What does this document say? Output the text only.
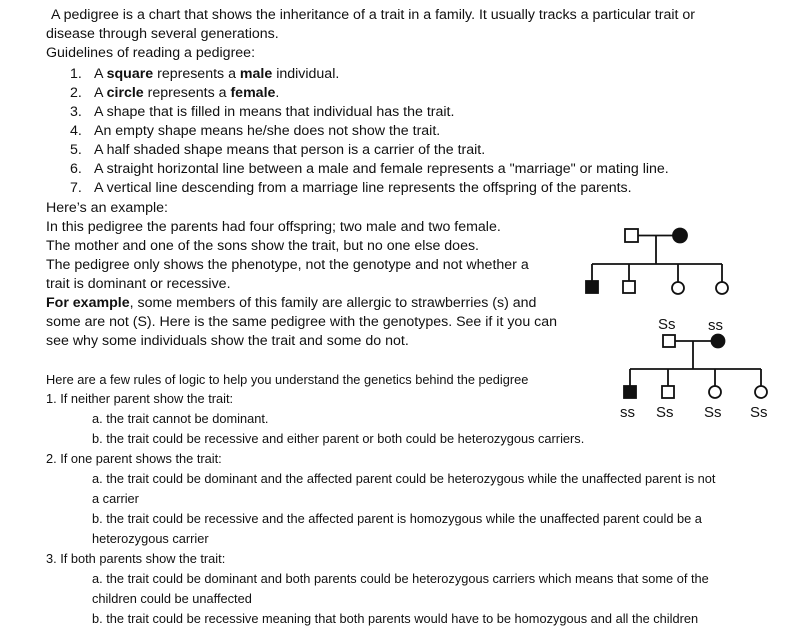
A pedigree is a chart that shows the inheritance of a trait in a family. It usually tracks a particular trait or
disease through several generations.
Guidelines of reading a pedigree:
1. A square represents a male individual.
2. A circle represents a female.
3. A shape that is filled in means that individual has the trait.
4. An empty shape means he/she does not show the trait.
5. A half shaded shape means that person is a carrier of the trait.
6. A straight horizontal line between a male and female represents a "marriage" or mating line.
7. A vertical line descending from a marriage line represents the offspring of the parents.
Here’s an example:
In this pedigree the parents had four offspring; two male and two female.
The mother and one of the sons show the trait, but no one else does.
The pedigree only shows the phenotype, not the genotype and not whether a
trait is dominant or recessive.
For example, some members of this family are allergic to strawberries (s) and
some are not (S). Here is the same pedigree with the genotypes. See if it you can
see why some individuals show the trait and some do not.
Here are a few rules of logic to help you understand the genetics behind the pedigree
1. If neither parent show the trait:
a. the trait cannot be dominant.
b. the trait could be recessive and either parent or both could be heterozygous carriers.
2. If one parent shows the trait:
a. the trait could be dominant and the affected parent could be heterozygous while the unaffected parent is not
a carrier
b. the trait could be recessive and the affected parent is homozygous while the unaffected parent could be a
heterozygous carrier
3. If both parents show the trait:
a. the trait could be dominant and both parents could be heterozygous carriers which means that some of the
children could be unaffected
b. the trait could be recessive meaning that both parents would have to be homozygous and all the children
Ss ss
ss Ss Ss Ss
